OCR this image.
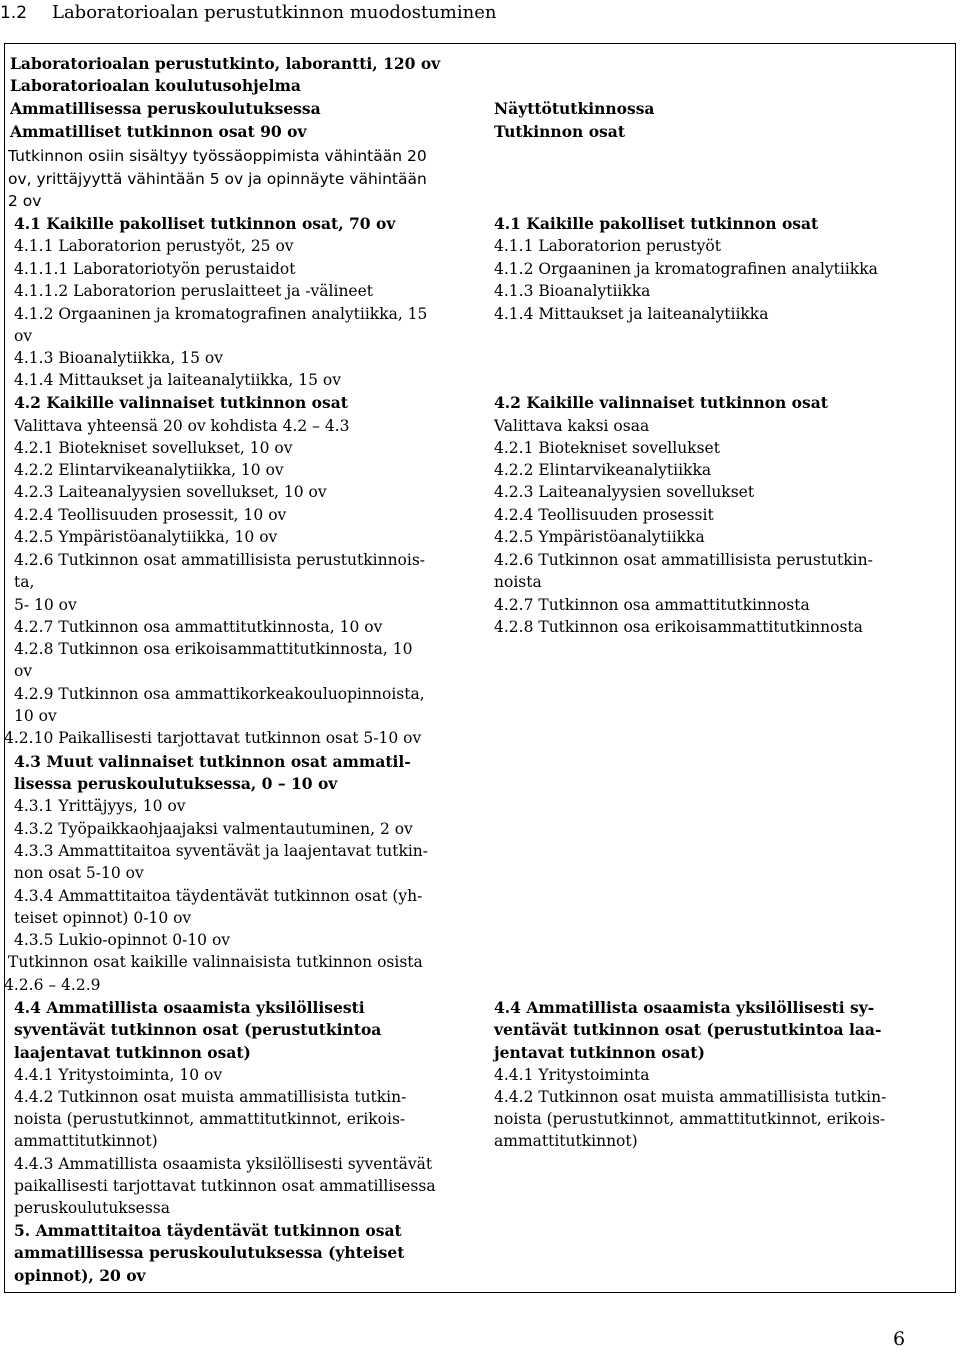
1.2 Laboratorioalan perustutkinnon muodostuminen
Laboratorioalan perustutkinto, laborantti, 120 ov
Laboratorioalan koulutusohjelma
Ammatillisessa peruskoulutuksessa
Ammatilliset tutkinnon osat 90 ov
Näyttötutkinnossa
Tutkinnon osat
Tutkinnon osiin sisältyy työssäoppimista vähintään 20
ov, yrittäjyyttä vähintään 5 ov ja opinnäyte vähintään
2 ov
4.1 Kaikille pakolliset tutkinnon osat, 70 ov
4.1.1 Laboratorion perustyöt, 25 ov
4.1.1.1 Laboratoriotyön perustaidot
4.1.1.2 Laboratorion peruslaitteet ja -välineet
4.1.2 Orgaaninen ja kromatografinen analytiikka, 15
ov
4.1.3 Bioanalytiikka, 15 ov
4.1.4 Mittaukset ja laiteanalytiikka, 15 ov
4.2 Kaikille valinnaiset tutkinnon osat
Valittava yhteensä 20 ov kohdista 4.2 – 4.3
4.2.1 Biotekniset sovellukset, 10 ov
4.2.2 Elintarvikeanalytiikka, 10 ov
4.2.3 Laiteanalyysien sovellukset, 10 ov
4.2.4 Teollisuuden prosessit, 10 ov
4.2.5 Ympäristöanalytiikka, 10 ov
4.2.6 Tutkinnon osat ammatillisista perustutkinnois-
ta,
5- 10 ov
4.2.7 Tutkinnon osa ammattitutkinnosta, 10 ov
4.2.8 Tutkinnon osa erikoisammattitutkinnosta, 10
ov
4.2.9 Tutkinnon osa ammattikorkeakouluopinnoista,
10 ov
4.2.10 Paikallisesti tarjottavat tutkinnon osat 5-10 ov
4.3 Muut valinnaiset tutkinnon osat ammatil-
lisessa peruskoulutuksessa, 0 – 10 ov
4.3.1 Yrittäjyys, 10 ov
4.3.2 Työpaikkaohjaajaksi valmentautuminen, 2 ov
4.3.3 Ammattitaitoa syventävät ja laajentavat tutkin-
non osat 5-10 ov
4.3.4 Ammattitaitoa täydentävät tutkinnon osat (yh-
teiset opinnot) 0-10 ov
4.3.5 Lukio-opinnot 0-10 ov
Tutkinnon osat kaikille valinnaisista tutkinnon osista
4.2.6 – 4.2.9
4.4 Ammatillista osaamista yksilöllisesti
syventävät tutkinnon osat (perustutkintoa
laajentavat tutkinnon osat)
4.4.1 Yritystoiminta, 10 ov
4.4.2 Tutkinnon osat muista ammatillisista tutkin-
noista (perustutkinnot, ammattitutkinnot, erikois-
ammattitutkinnot)
4.4.3 Ammatillista osaamista yksilöllisesti syventävät
paikallisesti tarjottavat tutkinnon osat ammatillisessa
peruskoulutuksessa
5. Ammattitaitoa täydentävät tutkinnon osat
ammatillisessa peruskoulutuksessa (yhteiset
opinnot), 20 ov
4.1 Kaikille pakolliset tutkinnon osat
4.1.1 Laboratorion perustyöt
4.1.2 Orgaaninen ja kromatografinen analytiikka
4.1.3 Bioanalytiikka
4.1.4 Mittaukset ja laiteanalytiikka
4.2 Kaikille valinnaiset tutkinnon osat
Valittava kaksi osaa
4.2.1 Biotekniset sovellukset
4.2.2 Elintarvikeanalytiikka
4.2.3 Laiteanalyysien sovellukset
4.2.4 Teollisuuden prosessit
4.2.5 Ympäristöanalytiikka
4.2.6 Tutkinnon osat ammatillisista perustutkin-
noista
4.2.7 Tutkinnon osa ammattitutkinnosta
4.2.8 Tutkinnon osa erikoisammattitutkinnosta
4.4 Ammatillista osaamista yksilöllisesti sy-
ventävät tutkinnon osat (perustutkintoa laa-
jentavat tutkinnon osat)
4.4.1 Yritystoiminta
4.4.2 Tutkinnon osat muista ammatillisista tutkin-
noista (perustutkinnot, ammattitutkinnot, erikois-
ammattitutkinnot)
6
